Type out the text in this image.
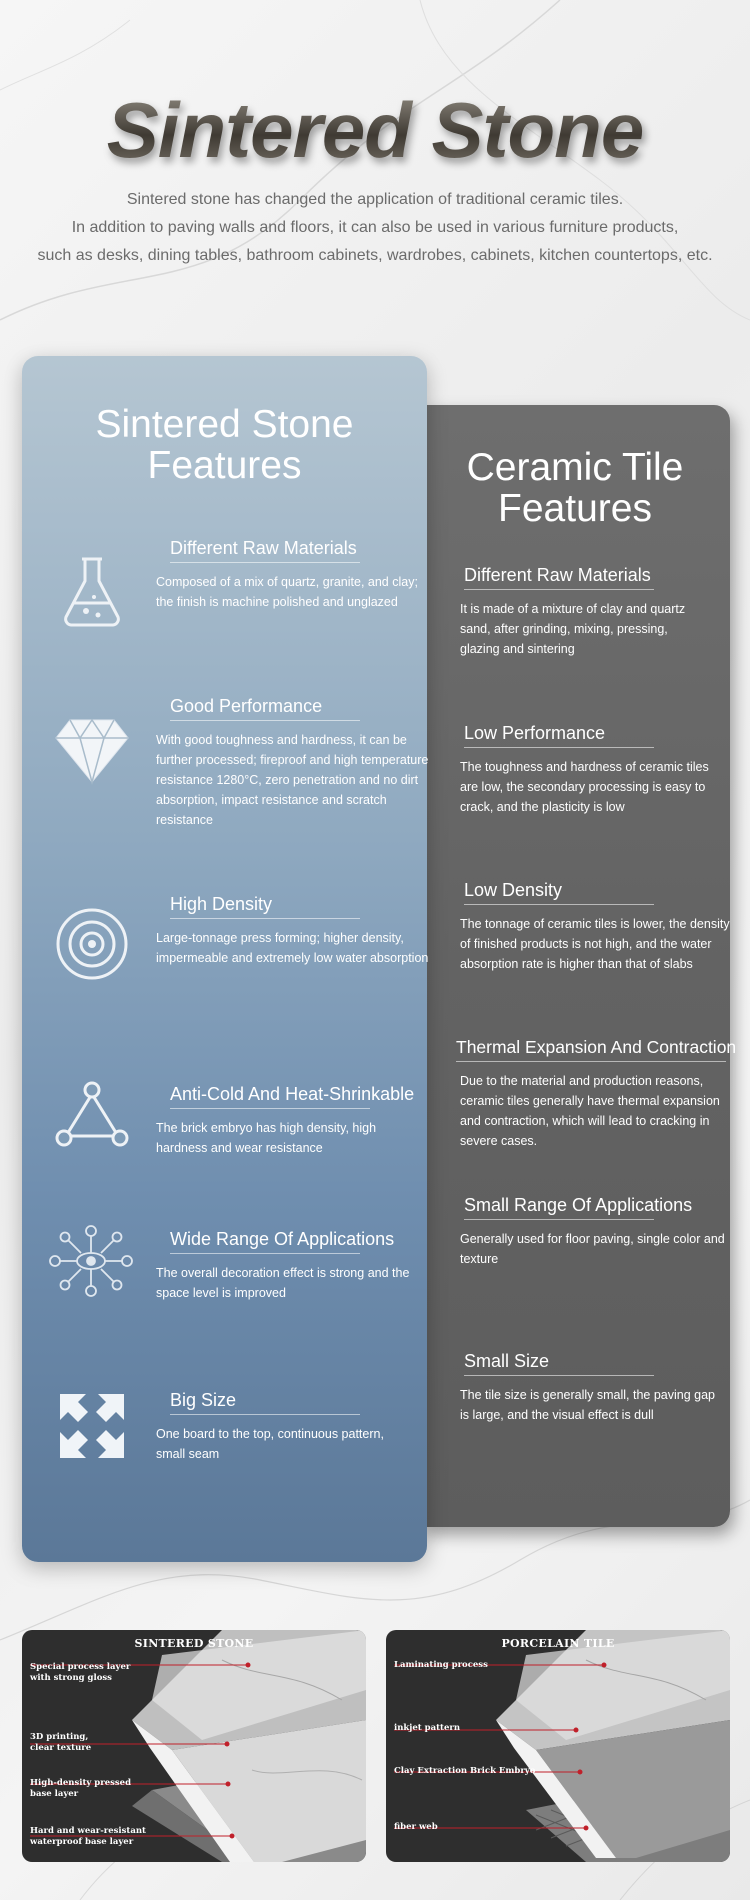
Sintered Stone
Sintered stone has changed the application of traditional ceramic tiles.
In addition to paving walls and floors, it can also be used in various furniture products,
such as desks, dining tables, bathroom cabinets, wardrobes, cabinets, kitchen countertops, etc.
Ceramic Tile
Features
Different Raw Materials
It is made of a mixture of clay and quartz
sand, after grinding, mixing, pressing,
glazing and sintering
Low Performance
The toughness and hardness of ceramic tiles
are low, the secondary processing is easy to
crack, and the plasticity is low
Low Density
The tonnage of ceramic tiles is lower, the density
of finished products is not high, and the water
absorption rate is higher than that of slabs
Thermal Expansion And Contraction
Due to the material and production reasons,
ceramic tiles generally have thermal expansion
and contraction, which will lead to cracking in
severe cases.
Small Range Of Applications
Generally used for floor paving, single color and
texture
Small Size
The tile size is generally small, the paving gap
is large, and the visual effect is dull
Sintered Stone
Features
Different Raw Materials
Composed of a mix of quartz, granite, and clay;
the finish is machine polished and unglazed
Good Performance
With good toughness and hardness, it can be
further processed; fireproof and high temperature
resistance 1280°C, zero penetration and no dirt
absorption, impact resistance and scratch
resistance
High Density
Large-tonnage press forming; higher density,
impermeable and extremely low water absorption
Anti-Cold And Heat-Shrinkable
The brick embryo has high density, high
hardness and wear resistance
Wide Range Of Applications
The overall decoration effect is strong and the
space level is improved
Big Size
One board to the top, continuous pattern,
small seam
SINTERED STONE
Special process layer
with strong gloss
3D printing,
clear texture
High-density pressed
base layer
Hard and wear-resistant
waterproof base layer
PORCELAIN TILE
Laminating process
inkjet pattern
Clay Extraction Brick Embryo
fiber web
